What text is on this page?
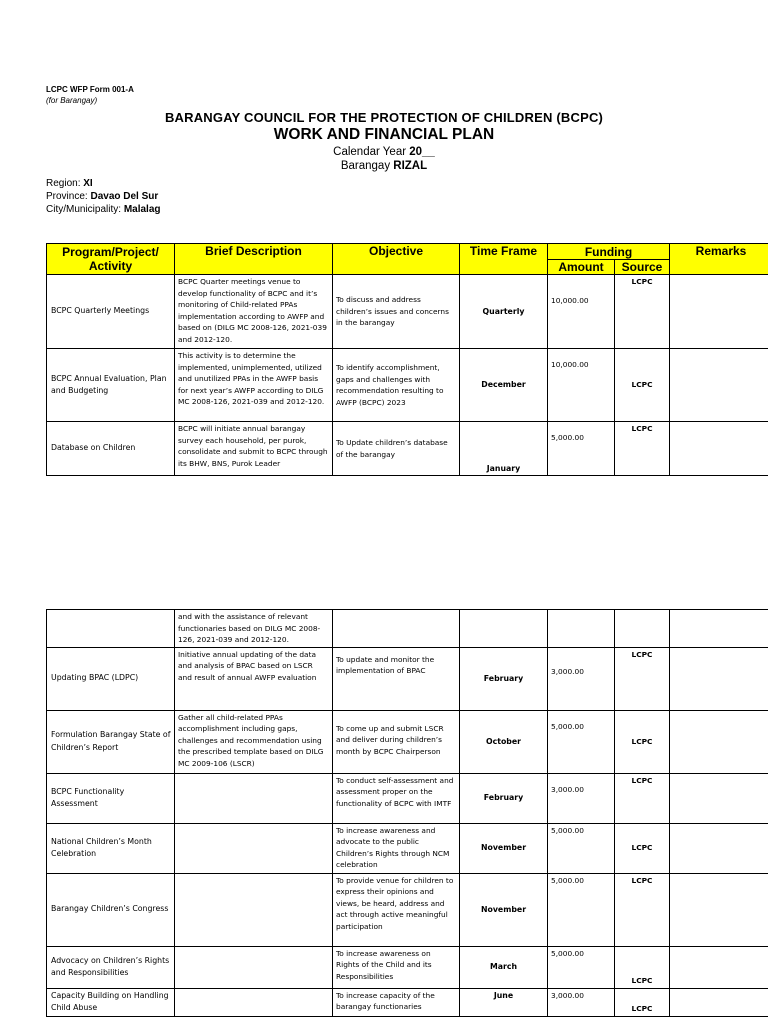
LCPC WFP Form 001-A
(for Barangay)
BARANGAY COUNCIL FOR THE PROTECTION OF CHILDREN (BCPC)
WORK AND FINANCIAL PLAN
Calendar Year 20__
Barangay RIZAL
Region: XI
Province: Davao Del Sur
City/Municipality: Malalag
Program/Project/ Activity	Brief Description	Objective	Time Frame	Funding		Remarks
				Amount	Source	
BCPC Quarterly Meetings	BCPC Quarter meetings venue to develop functionality of BCPC and it’s monitoring of Child-related PPAs implementation according to AWFP and based on (DILG MC 2008-126, 2021-039 and 2012-120.	To discuss and address children’s issues and concerns in the barangay	Quarterly	10,000.00	LCPC	
BCPC Annual Evaluation, Plan and Budgeting	This activity is to determine the implemented, unimplemented, utilized and unutilized PPAs in the AWFP basis for next year’s AWFP according to DILG MC 2008-126, 2021-039 and 2012-120.	To identify accomplishment, gaps and challenges with recommendation resulting to AWFP (BCPC) 2023	December	10,000.00	LCPC	
Database on Children	BCPC will initiate annual barangay survey each household, per purok, consolidate and submit to BCPC through its BHW, BNS, Purok Leader	To Update children’s database of the barangay	January	5,000.00	LCPC	
	and with the assistance of relevant functionaries based on DILG MC 2008-126, 2021-039 and 2012-120.					
Updating BPAC (LDPC)	Initiative annual updating of the data and analysis of BPAC based on LSCR and result of annual AWFP evaluation	To update and monitor the implementation of BPAC	February	3,000.00	LCPC	
Formulation Barangay State of Children’s Report	Gather all child-related PPAs accomplishment including gaps, challenges and recommendation using the prescribed template based on DILG MC 2009-106 (LSCR)	To come up and submit LSCR and deliver during children’s month by BCPC Chairperson	October	5,000.00	LCPC	
BCPC Functionality Assessment		To conduct self-assessment and assessment proper on the functionality of BCPC with IMTF	February	3,000.00	LCPC	
National Children’s Month Celebration		To increase awareness and advocate to the public Children’s Rights through NCM celebration	November	5,000.00	LCPC	
Barangay Children’s Congress		To provide venue for children to express their opinions and views, be heard, address and act through active meaningful participation	November	5,000.00	LCPC	
Advocacy on Children’s Rights and Responsibilities		To increase awareness on Rights of the Child and its Responsibilities	March	5,000.00	LCPC	
Capacity Building on Handling Child Abuse		To increase capacity of the barangay functionaries	June	3,000.00	LCPC	
